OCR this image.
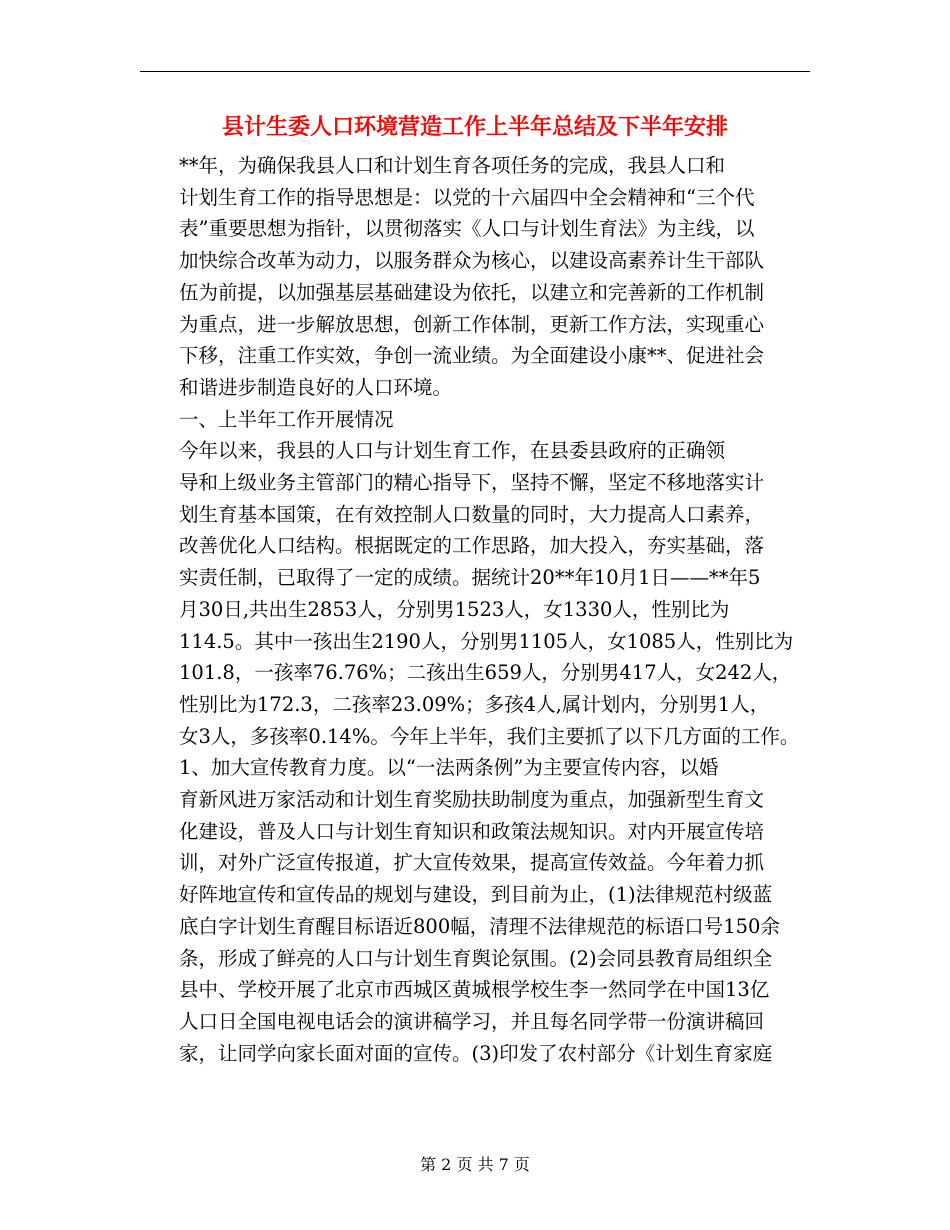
县计生委人口环境营造工作上半年总结及下半年安排

**年，为确保我县人口和计划生育各项任务的完成，我县人口和
计划生育工作的指导思想是：以党的十六届四中全会精神和“三个代
表”重要思想为指针，以贯彻落实《人口与计划生育法》为主线，以
加快综合改革为动力，以服务群众为核心，以建设高素养计生干部队
伍为前提，以加强基层基础建设为依托，以建立和完善新的工作机制
为重点，进一步解放思想，创新工作体制，更新工作方法，实现重心
下移，注重工作实效，争创一流业绩。为全面建设小康**、促进社会
和谐进步制造良好的人口环境。

一、上半年工作开展情况

今年以来，我县的人口与计划生育工作，在县委县政府的正确领
导和上级业务主管部门的精心指导下，坚持不懈，坚定不移地落实计
划生育基本国策，在有效控制人口数量的同时，大力提高人口素养，
改善优化人口结构。根据既定的工作思路，加大投入，夯实基础，落
实责任制，已取得了一定的成绩。据统计20**年10月1日——**年5
月30日,共出生2853人，分别男1523人，女1330人，性别比为
114.5。其中一孩出生2190人，分别男1105人，女1085人，性别比为
101.8，一孩率76.76%；二孩出生659人，分别男417人，女242人，
性别比为172.3，二孩率23.09%；多孩4人,属计划内，分别男1人，
女3人，多孩率0.14%。今年上半年，我们主要抓了以下几方面的工作。

1、加大宣传教育力度。以“一法两条例”为主要宣传内容，以婚
育新风进万家活动和计划生育奖励扶助制度为重点，加强新型生育文
化建设，普及人口与计划生育知识和政策法规知识。对内开展宣传培
训，对外广泛宣传报道，扩大宣传效果，提高宣传效益。今年着力抓
好阵地宣传和宣传品的规划与建设，到目前为止，(1)法律规范村级蓝
底白字计划生育醒目标语近800幅，清理不法律规范的标语口号150余
条，形成了鲜亮的人口与计划生育舆论氛围。(2)会同县教育局组织全
县中、学校开展了北京市西城区黄城根学校生李一然同学在中国13亿
人口日全国电视电话会的演讲稿学习，并且每名同学带一份演讲稿回
家，让同学向家长面对面的宣传。(3)印发了农村部分《计划生育家庭

第 2 页 共 7 页
